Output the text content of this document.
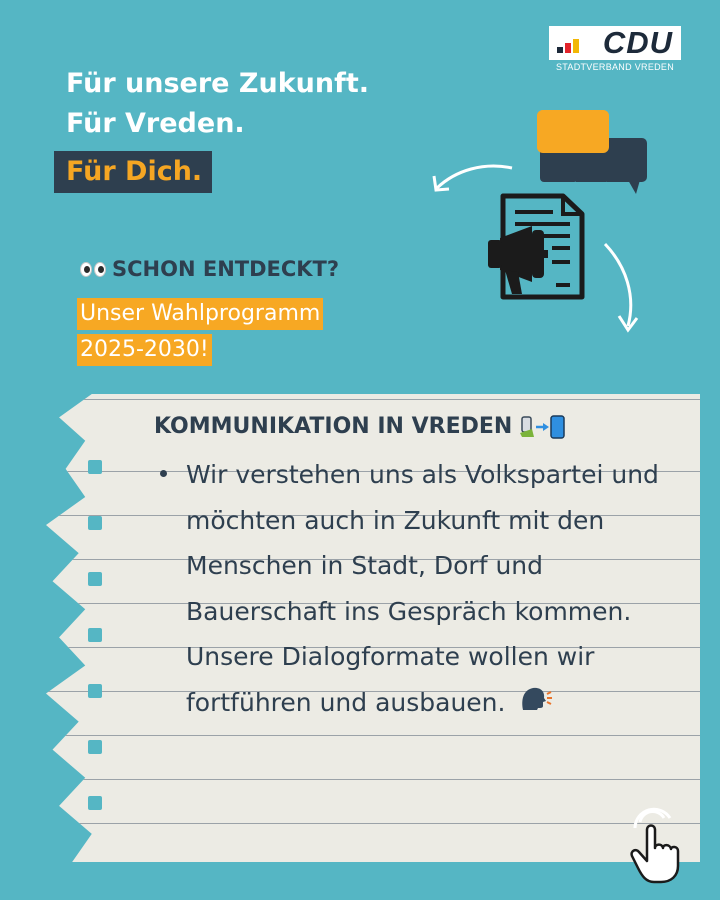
CDU
STADTVERBAND VREDEN
Für unsere Zukunft.
Für Vreden.
Für Dich.
SCHON ENTDECKT?
Unser Wahlprogramm
2025-2030!
KOMMUNIKATION IN VREDEN
Wir verstehen uns als Volkspartei und möchten auch in Zukunft mit den Menschen in Stadt, Dorf und Bauerschaft ins Gespräch kommen. Unsere Dialogformate wollen wir fortführen und ausbauen.
